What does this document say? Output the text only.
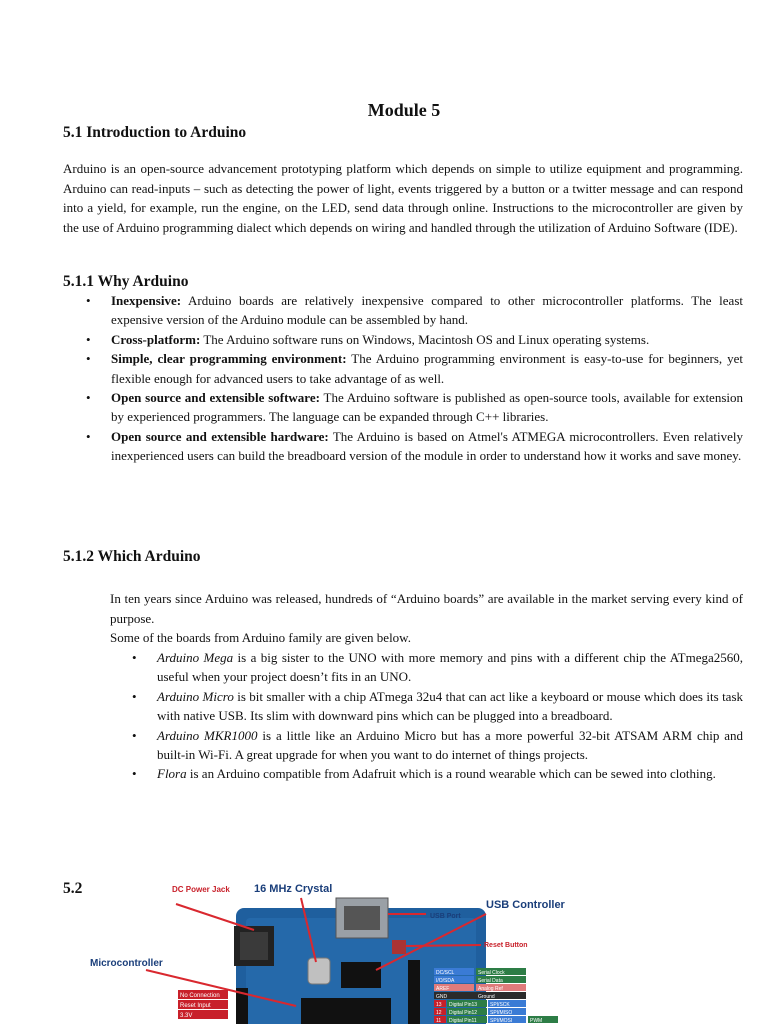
Module 5
5.1 Introduction to Arduino

Arduino is an open-source advancement prototyping platform which depends on simple to utilize equipment and programming. Arduino can read-inputs – such as detecting the power of light, events triggered by a button or a twitter message and can respond into a yield, for example, run the engine, on the LED, send data through online. Instructions to the microcontroller are given by the use of Arduino programming dialect which depends on wiring and handled through the utilization of Arduino Software (IDE).

5.1.1 Why Arduino
• Inexpensive: Arduino boards are relatively inexpensive compared to other microcontroller platforms. The least expensive version of the Arduino module can be assembled by hand.
• Cross-platform: The Arduino software runs on Windows, Macintosh OS and Linux operating systems.
• Simple, clear programming environment: The Arduino programming environment is easy-to-use for beginners, yet flexible enough for advanced users to take advantage of as well.
• Open source and extensible software: The Arduino software is published as open-source tools, available for extension by experienced programmers. The language can be expanded through C++ libraries.
• Open source and extensible hardware: The Arduino is based on Atmel's ATMEGA microcontrollers. Even relatively inexperienced users can build the breadboard version of the module in order to understand how it works and save money.
5.1.2 Which Arduino
In ten years since Arduino was released, hundreds of “Arduino boards” are available in the market serving every kind of purpose.
Some of the boards from Arduino family are given below.
• Arduino Mega is a big sister to the UNO with more memory and pins with a different chip the ATmega2560, useful when your project doesn’t fits in an UNO.
• Arduino Micro is bit smaller with a chip ATmega 32u4 that can act like a keyboard or mouse which does its task with native USB. Its slim with downward pins which can be plugged into a breadboard.
• Arduino MKR1000 is a little like an Arduino Micro but has a more powerful 32-bit ATSAM ARM chip and built-in Wi-Fi. A great upgrade for when you want to do internet of things projects.
• Flora is an Arduino compatible from Adafruit which is a round wearable which can be sewed into clothing.
5.2
No Connection
Reset Input
3.3V
DC/SCL	Serial Clock
I/O/SDA	Serial Data
AREF	Analog Ref
GND	Ground
13 Digital Pin13	SPI/SCK
12 Digital Pin12	SPI/MISO
11 Digital Pin11	SPI/MOSI	PWM
DC Power Jack 16 MHz Crystal
USB Port
USB Controller
Reset Button
Microcontroller
